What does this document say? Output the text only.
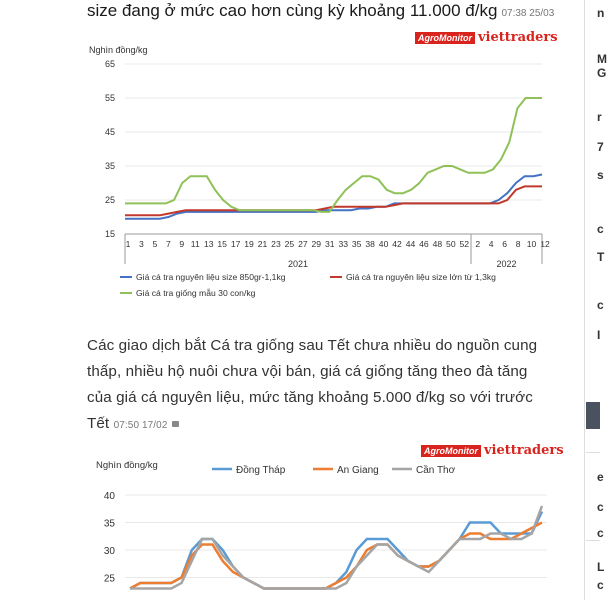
size đang ở mức cao hơn cùng kỳ khoảng 11.000 đ/kg 07:38 25/03
AgroMonitor viettraders
Nghìn đồng/kg
65
55
45
35
25
15
1 3 5 7 9 11 13 15 17 19 21 23 25 27 29 31 33 35 38 40 42 44 46 48 50 52 2 4 6 8 10 12
2021	2022
Giá cá tra nguyên liệu size 850gr-1,1kg	Giá cá tra nguyên liệu size lớn từ 1,3kg
Giá cá tra giống mẫu 30 con/kg
Các giao dịch bắt Cá tra giống sau Tết chưa nhiều do nguồn cung thấp, nhiều hộ nuôi chưa vội bán, giá cá giống tăng theo đà tăng của giá cá nguyên liệu, mức tăng khoảng 5.000 đ/kg so với trước Tết 07:50 17/02
AgroMonitor viettraders
Nghìn đồng/kg
40
35
30
25
Đồng Tháp	An Giang	Cần Thơ
n
M
G
r
7
s
c
T
c
I
e
c
c
L
c
